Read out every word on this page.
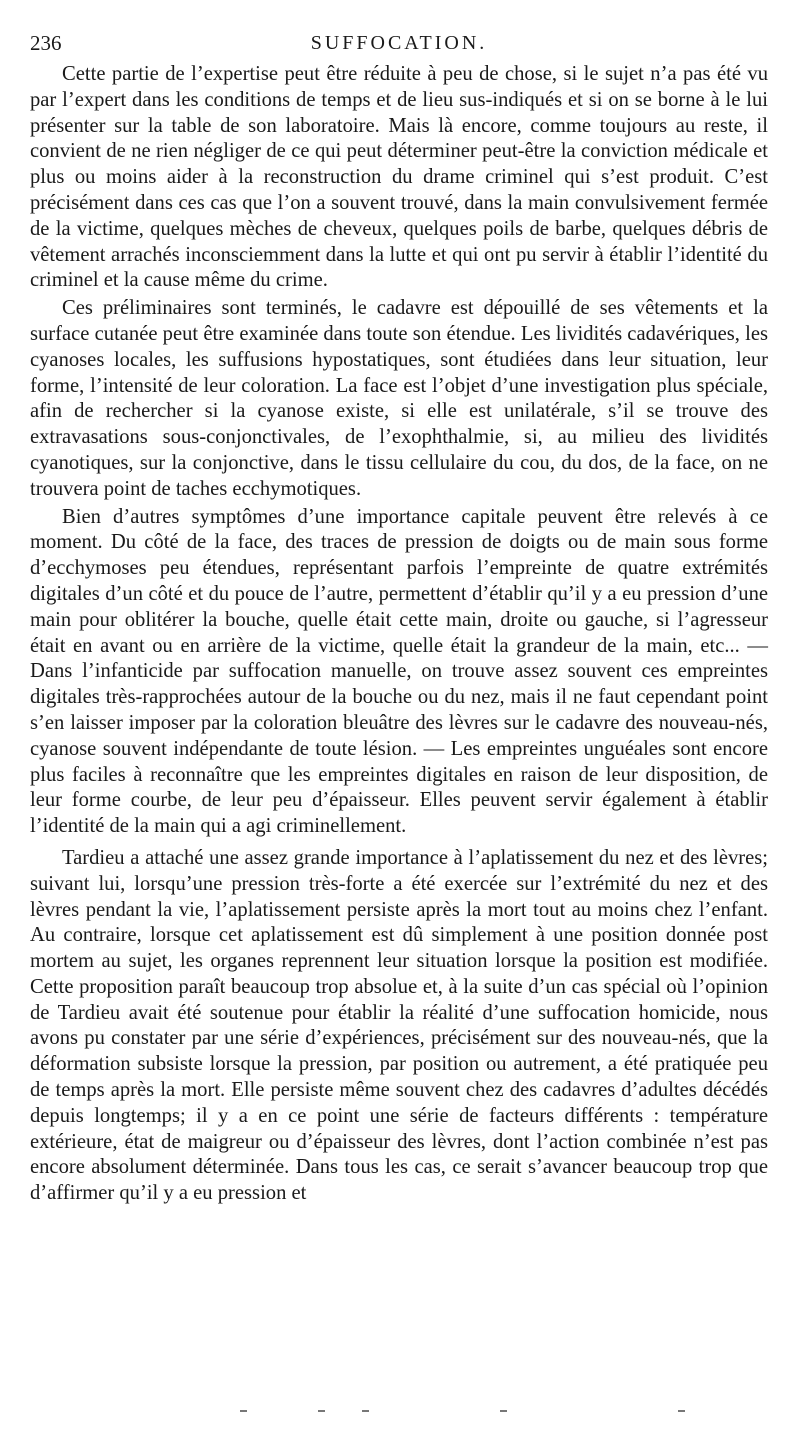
236	SUFFOCATION.

Cette partie de l’expertise peut être réduite à peu de chose, si le sujet n’a pas été vu par l’expert dans les conditions de temps et de lieu sus-indiqués et si on se borne à le lui présenter sur la table de son laboratoire. Mais là encore, comme toujours au reste, il convient de ne rien négliger de ce qui peut déterminer peut-être la conviction médicale et plus ou moins aider à la reconstruction du drame criminel qui s’est produit. C’est précisément dans ces cas que l’on a souvent trouvé, dans la main convulsivement fermée de la victime, quelques mèches de cheveux, quelques poils de barbe, quelques débris de vêtement arrachés inconsciemment dans la lutte et qui ont pu servir à établir l’identité du criminel et la cause même du crime.

Ces préliminaires sont terminés, le cadavre est dépouillé de ses vêtements et la surface cutanée peut être examinée dans toute son étendue. Les lividités cadavériques, les cyanoses locales, les suffusions hypostatiques, sont étudiées dans leur situation, leur forme, l’intensité de leur coloration. La face est l’objet d’une investigation plus spéciale, afin de rechercher si la cyanose existe, si elle est unilatérale, s’il se trouve des extravasations sous-conjonctivales, de l’exophthalmie, si, au milieu des lividités cyanotiques, sur la conjonctive, dans le tissu cellulaire du cou, du dos, de la face, on ne trouvera point de taches ecchymotiques.

Bien d’autres symptômes d’une importance capitale peuvent être relevés à ce moment. Du côté de la face, des traces de pression de doigts ou de main sous forme d’ecchymoses peu étendues, représentant parfois l’empreinte de quatre extrémités digitales d’un côté et du pouce de l’autre, permettent d’établir qu’il y a eu pression d’une main pour oblitérer la bouche, quelle était cette main, droite ou gauche, si l’agresseur était en avant ou en arrière de la victime, quelle était la grandeur de la main, etc... — Dans l’infanticide par suffocation manuelle, on trouve assez souvent ces empreintes digitales très-rapprochées autour de la bouche ou du nez, mais il ne faut cependant point s’en laisser imposer par la coloration bleuâtre des lèvres sur le cadavre des nouveau-nés, cyanose souvent indépendante de toute lésion. — Les empreintes unguéales sont encore plus faciles à reconnaître que les empreintes digitales en raison de leur disposition, de leur forme courbe, de leur peu d’épaisseur. Elles peuvent servir également à établir l’identité de la main qui a agi criminellement.

Tardieu a attaché une assez grande importance à l’aplatissement du nez et des lèvres; suivant lui, lorsqu’une pression très-forte a été exercée sur l’extrémité du nez et des lèvres pendant la vie, l’aplatissement persiste après la mort tout au moins chez l’enfant. Au contraire, lorsque cet aplatissement est dû simplement à une position donnée post mortem au sujet, les organes reprennent leur situation lorsque la position est modifiée. Cette proposition paraît beaucoup trop absolue et, à la suite d’un cas spécial où l’opinion de Tardieu avait été soutenue pour établir la réalité d’une suffocation homicide, nous avons pu constater par une série d’expériences, précisément sur des nouveau-nés, que la déformation subsiste lorsque la pression, par position ou autrement, a été pratiquée peu de temps après la mort. Elle persiste même souvent chez des cadavres d’adultes décédés depuis longtemps; il y a en ce point une série de facteurs différents : température extérieure, état de maigreur ou d’épaisseur des lèvres, dont l’action combinée n’est pas encore absolument déterminée. Dans tous les cas, ce serait s’avancer beaucoup trop que d’affirmer qu’il y a eu pression et
